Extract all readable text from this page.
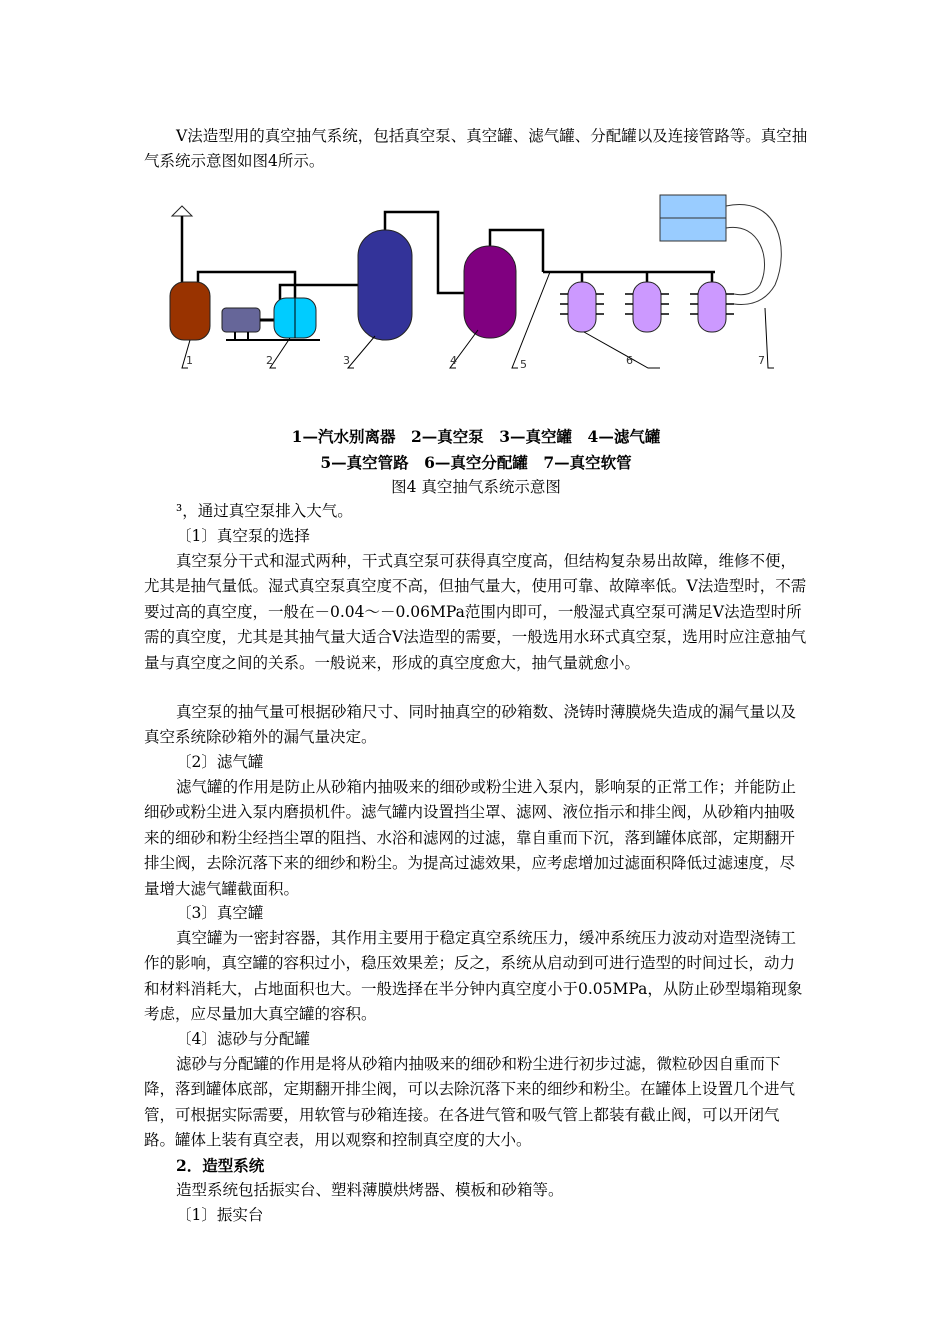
V法造型用的真空抽气系统，包括真空泵、真空罐、滤气罐、分配罐以及连接管路等。真空抽气系统示意图如图4所示。

1	2	3	4	5	6	7

1—汽水别离器　2—真空泵　3—真空罐　4—滤气罐

5—真空管路　6—真空分配罐　7—真空软管

图4 真空抽气系统示意图

³，通过真空泵排入大气。

〔1〕真空泵的选择

真空泵分干式和湿式两种，干式真空泵可获得真空度高，但结构复杂易出故障，维修不便，尤其是抽气量低。湿式真空泵真空度不高，但抽气量大，使用可靠、故障率低。V法造型时，不需要过高的真空度，一般在－0.04～－0.06MPa范围内即可，一般湿式真空泵可满足V法造型时所需的真空度，尤其是其抽气量大适合V法造型的需要，一般选用水环式真空泵，选用时应注意抽气量与真空度之间的关系。一般说来，形成的真空度愈大，抽气量就愈小。

真空泵的抽气量可根据砂箱尺寸、同时抽真空的砂箱数、浇铸时薄膜烧失造成的漏气量以及真空系统除砂箱外的漏气量决定。

〔2〕滤气罐

滤气罐的作用是防止从砂箱内抽吸来的细砂或粉尘进入泵内，影响泵的正常工作；并能防止细砂或粉尘进入泵内磨损机件。滤气罐内设置挡尘罩、滤网、液位指示和排尘阀，从砂箱内抽吸来的细砂和粉尘经挡尘罩的阻挡、水浴和滤网的过滤，靠自重而下沉，落到罐体底部，定期翻开排尘阀，去除沉落下来的细纱和粉尘。为提高过滤效果，应考虑增加过滤面积降低过滤速度，尽量增大滤气罐截面积。

〔3〕真空罐

真空罐为一密封容器，其作用主要用于稳定真空系统压力，缓冲系统压力波动对造型浇铸工作的影响，真空罐的容积过小，稳压效果差；反之，系统从启动到可进行造型的时间过长，动力和材料消耗大，占地面积也大。一般选择在半分钟内真空度小于0.05MPa，从防止砂型塌箱现象考虑，应尽量加大真空罐的容积。

〔4〕滤砂与分配罐

滤砂与分配罐的作用是将从砂箱内抽吸来的细砂和粉尘进行初步过滤，微粒砂因自重而下降，落到罐体底部，定期翻开排尘阀，可以去除沉落下来的细纱和粉尘。在罐体上设置几个进气管，可根据实际需要，用软管与砂箱连接。在各进气管和吸气管上都装有截止阀，可以开闭气路。罐体上装有真空表，用以观察和控制真空度的大小。

2．造型系统

造型系统包括振实台、塑料薄膜烘烤器、模板和砂箱等。

〔1〕振实台
